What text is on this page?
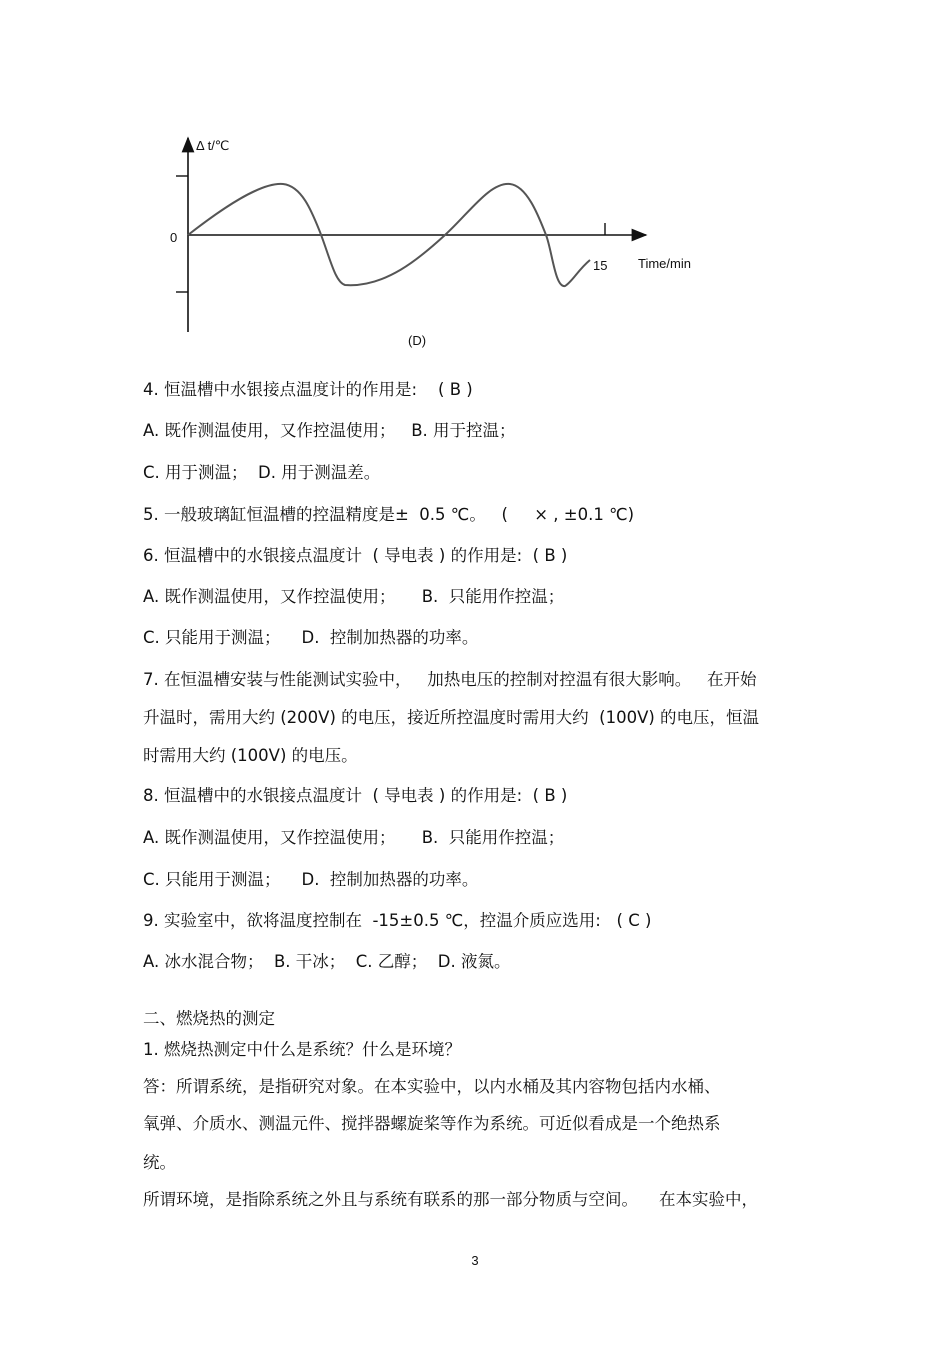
Δ t/℃
0
15 Time/min
(D)
4. 恒温槽中水银接点温度计的作用是:    ( B )
A. 既作测温使用，又作控温使用；   B. 用于控温；
C. 用于测温；  D. 用于测温差。
5. 一般玻璃缸恒温槽的控温精度是±  0.5 ℃。   (     × , ±0.1 ℃)
6. 恒温槽中的水银接点温度计  ( 导电表 ) 的作用是:  ( B )
A. 既作测温使用，又作控温使用；     B.  只能用作控温；
C. 只能用于测温；    D.  控制加热器的功率。
7. 在恒温槽安装与性能测试实验中，   加热电压的控制对控温有很大影响。   在开始
升温时，需用大约 (200V) 的电压，接近所控温度时需用大约  (100V) 的电压，恒温
时需用大约 (100V) 的电压。
8. 恒温槽中的水银接点温度计  ( 导电表 ) 的作用是:  ( B )
A. 既作测温使用，又作控温使用；     B.  只能用作控温；
C. 只能用于测温；    D.  控制加热器的功率。
9. 实验室中，欲将温度控制在  -15±0.5 ℃，控温介质应选用:   ( C )
A. 冰水混合物；  B. 干冰；  C. 乙醇；  D. 液氮。
二、燃烧热的测定
1. 燃烧热测定中什么是系统？什么是环境？
答：所谓系统，是指研究对象。在本实验中，以内水桶及其内容物包括内水桶、
氧弹、介质水、测温元件、搅拌器螺旋桨等作为系统。可近似看成是一个绝热系
统。
所谓环境，是指除系统之外且与系统有联系的那一部分物质与空间。    在本实验中，
3
